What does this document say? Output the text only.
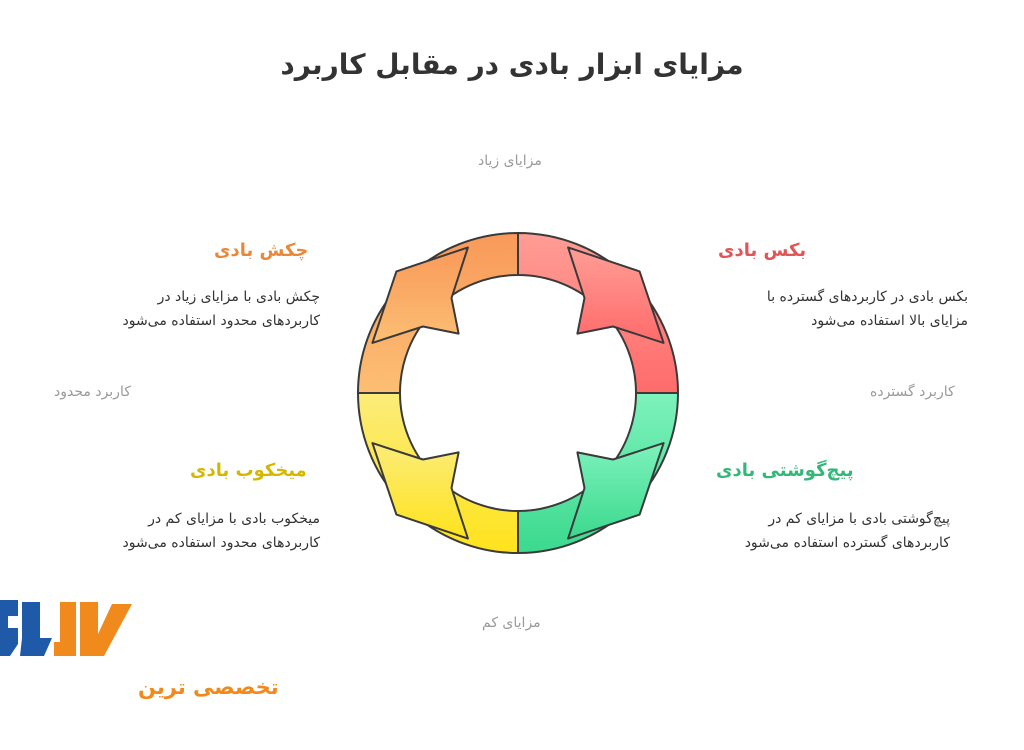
مزایای ابزار بادی در مقابل کاربرد
مزایای زیاد
مزایای کم
کاربرد محدود	کاربرد گسترده
بکس بادی
بکس بادی در کاربردهای گسترده با
مزایای بالا استفاده می‌شود
چکش بادی
چکش بادی با مزایای زیاد در
کاربردهای محدود استفاده می‌شود
پیچ‌گوشتی بادی
پیچ‌گوشتی بادی با مزایای کم در
کاربردهای گسترده استفاده می‌شود
میخکوب بادی
میخکوب بادی با مزایای کم در
کاربردهای محدود استفاده می‌شود
تخصصی ترین
